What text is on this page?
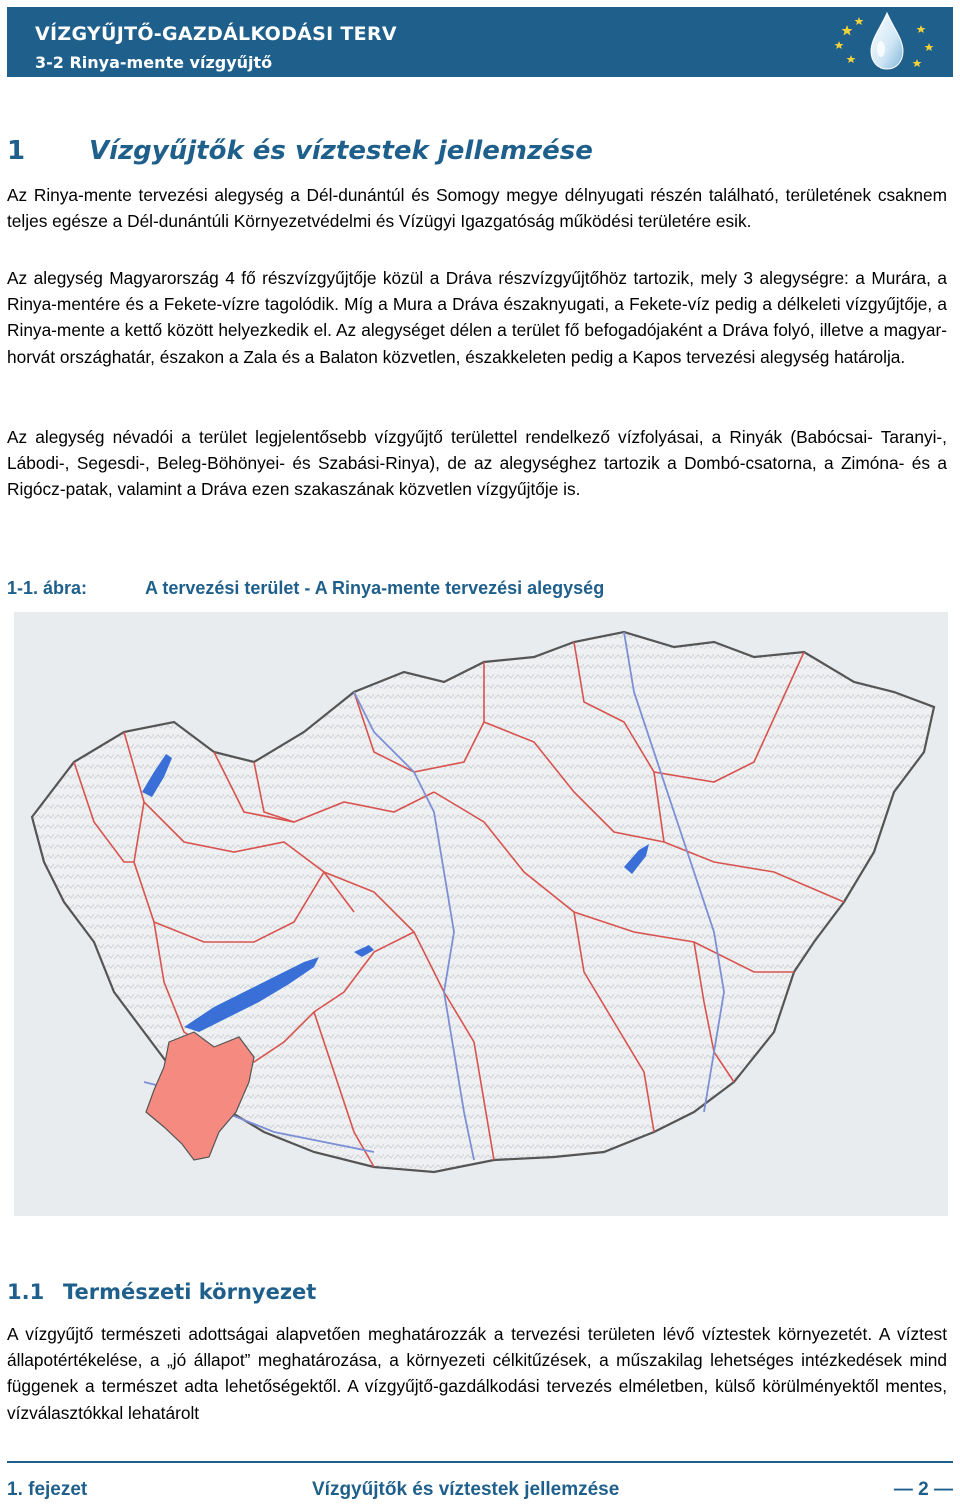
VÍZGYŰJTŐ-GAZDÁLKODÁSI TERV
3-2 Rinya-mente vízgyűjtő
1 Vízgyűjtők és víztestek jellemzése

Az Rinya-mente tervezési alegység a Dél-dunántúl és Somogy megye délnyugati részén található, területének csaknem teljes egésze a Dél-dunántúli Környezetvédelmi és Vízügyi Igazgatóság működési területére esik.

Az alegység Magyarország 4 fő részvízgyűjtője közül a Dráva részvízgyűjtőhöz tartozik, mely 3 alegységre: a Murára, a Rinya-mentére és a Fekete-vízre tagolódik. Míg a Mura a Dráva északnyugati, a Fekete-víz pedig a délkeleti vízgyűjtője, a Rinya-mente a kettő között helyezkedik el. Az alegységet délen a terület fő befogadójaként a Dráva folyó, illetve a magyar-horvát országhatár, északon a Zala és a Balaton közvetlen, északkeleten pedig a Kapos tervezési alegység határolja.

Az alegység névadói a terület legjelentősebb vízgyűjtő területtel rendelkező vízfolyásai, a Rinyák (Babócsai- Taranyi-, Lábodi-, Segesdi-, Beleg-Böhönyei- és Szabási-Rinya), de az alegységhez tartozik a Dombó-csatorna, a Zimóna- és a Rigócz-patak, valamint a Dráva ezen szakaszának közvetlen vízgyűjtője is.

1-1. ábra:	A tervezési terület - A Rinya-mente tervezési alegység
1.1 Természeti környezet

A vízgyűjtő természeti adottságai alapvetően meghatározzák a tervezési területen lévő víztestek környezetét. A víztest állapotértékelése, a „jó állapot” meghatározása, a környezeti célkitűzések, a műszakilag lehetséges intézkedések mind függenek a természet adta lehetőségektől. A vízgyűjtő-gazdálkodási tervezés elméletben, külső körülményektől mentes, vízválasztókkal lehatárolt

1. fejezet	Vízgyűjtők és víztestek jellemzése	— 2 —
